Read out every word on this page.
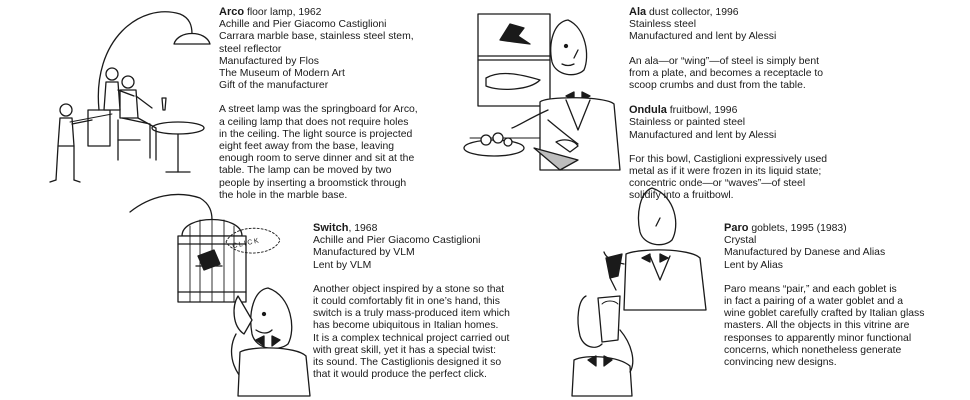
CLICK

Arco floor lamp, 1962

Achille and Pier Giacomo Castiglioni

Carrara marble base, stainless steel stem,

steel reflector

Manufactured by Flos

The Museum of Modern Art

Gift of the manufacturer

A street lamp was the springboard for Arco,

a ceiling lamp that does not require holes

in the ceiling. The light source is projected

eight feet away from the base, leaving

enough room to serve dinner and sit at the

table. The lamp can be moved by two

people by inserting a broomstick through

the hole in the marble base.

Ala dust collector, 1996

Stainless steel

Manufactured and lent by Alessi

An ala—or “wing”—of steel is simply bent

from a plate, and becomes a receptacle to

scoop crumbs and dust from the table.

Ondula fruitbowl, 1996

Stainless or painted steel

Manufactured and lent by Alessi

For this bowl, Castiglioni expressively used

metal as if it were frozen in its liquid state;

concentric onde—or “waves”—of steel

solidify into a fruitbowl.

Switch, 1968

Achille and Pier Giacomo Castiglioni

Manufactured by VLM

Lent by VLM

Another object inspired by a stone so that

it could comfortably fit in one’s hand, this

switch is a truly mass-produced item which

has become ubiquitous in Italian homes.

It is a complex technical project carried out

with great skill, yet it has a special twist:

its sound. The Castiglionis designed it so

that it would produce the perfect click.

Paro goblets, 1995 (1983)

Crystal

Manufactured by Danese and Alias

Lent by Alias

Paro means “pair,” and each goblet is

in fact a pairing of a water goblet and a

wine goblet carefully crafted by Italian glass

masters. All the objects in this vitrine are

responses to apparently minor functional

concerns, which nonetheless generate

convincing new designs.
